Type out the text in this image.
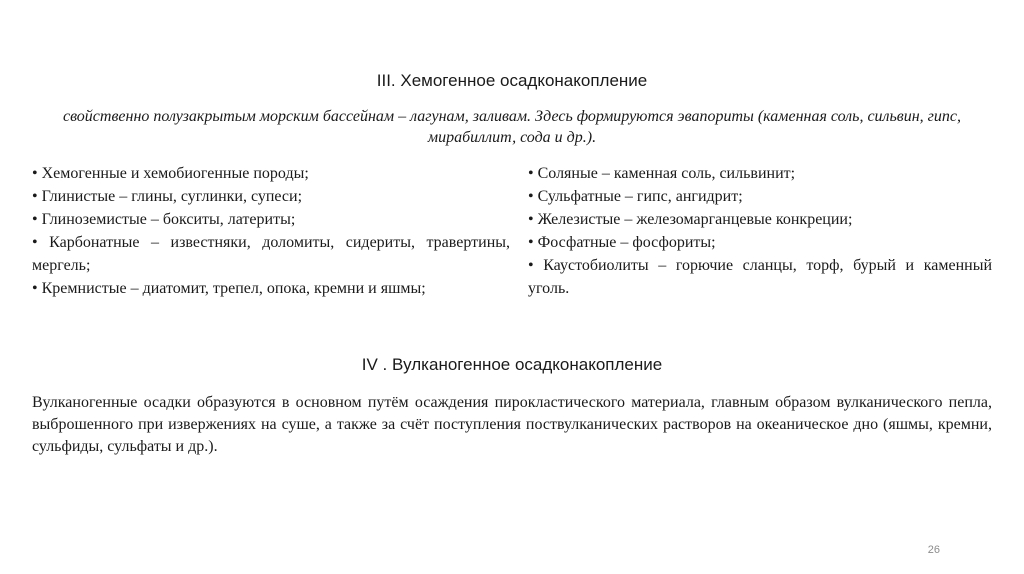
III. Хемогенное осадконакопление

свойственно полузакрытым морским бассейнам – лагунам, заливам. Здесь формируются эвапориты (каменная соль, сильвин, гипс, мирабиллит, сода и др.).

• Хемогенные и хемобиогенные породы;
• Глинистые – глины, суглинки, супеси;
• Глиноземистые – бокситы, латериты;
• Карбонатные – известняки, доломиты, сидериты, травертины, мергель;
• Кремнистые – диатомит, трепел, опока, кремни и яшмы;
• Соляные – каменная соль, сильвинит;
• Сульфатные – гипс, ангидрит;
• Железистые – железомарганцевые конкреции;
• Фосфатные – фосфориты;
• Каустобиолиты – горючие сланцы, торф, бурый и каменный уголь.
IV . Вулканогенное осадконакопление

Вулканогенные осадки образуются в основном путём осаждения пирокластического материала, главным образом вулканического пепла, выброшенного при извержениях на суше, а также за счёт поступления поствулканических растворов на океаническое дно (яшмы, кремни, сульфиды, сульфаты и др.).

26
